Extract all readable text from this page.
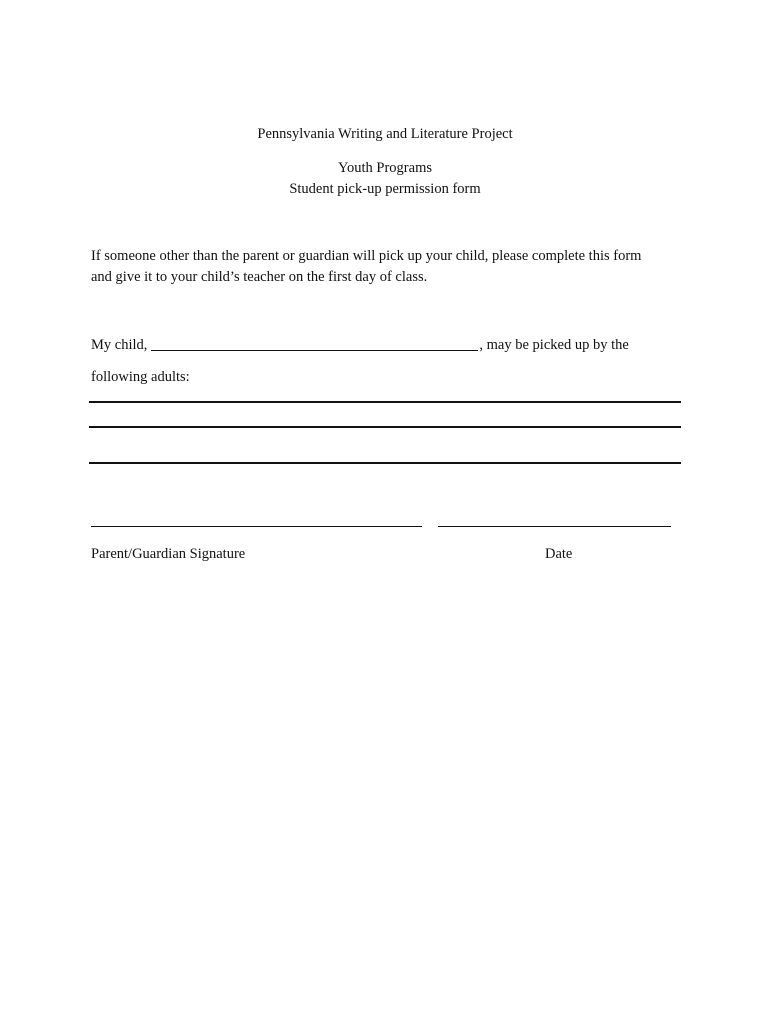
Pennsylvania Writing and Literature Project
Youth Programs
Student pick-up permission form
If someone other than the parent or guardian will pick up your child, please complete this form
and give it to your child’s teacher on the first day of class.
My child,	, may be picked up by the
following adults:
Parent/Guardian Signature	Date
